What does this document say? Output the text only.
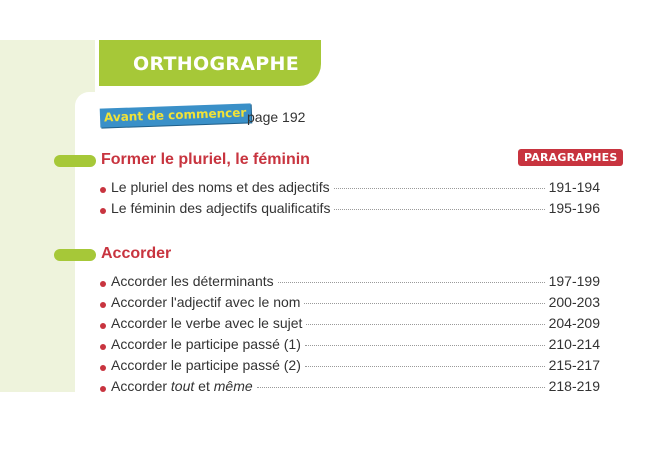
ORTHOGRAPHE
Avant de commencer page 192
PARAGRAPHES
Former le pluriel, le féminin
Le pluriel des noms et des adjectifs	191-194
Le féminin des adjectifs qualificatifs	195-196
Accorder
Accorder les déterminants	197-199
Accorder l'adjectif avec le nom	200-203
Accorder le verbe avec le sujet	204-209
Accorder le participe passé (1)	210-214
Accorder le participe passé (2)	215-217
Accorder tout et même	218-219
